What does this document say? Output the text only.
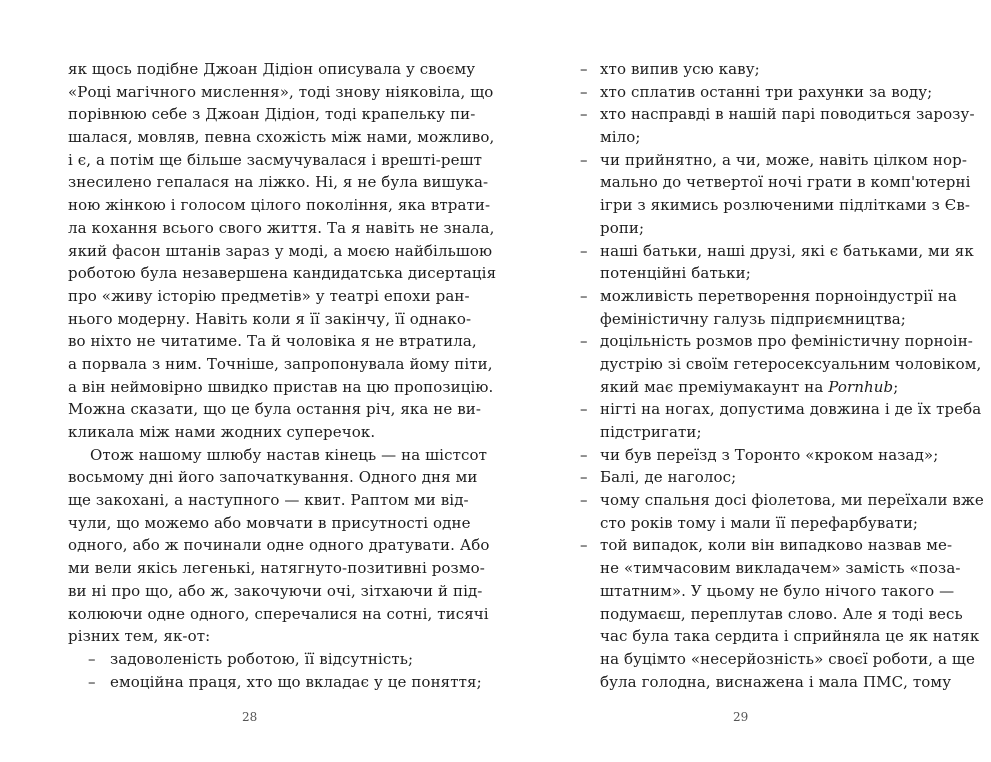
як щось подібне Джоан Дідіон описувала у своєму
«Році магічного мислення», тоді знову ніяковіла, що
порівнюю себе з Джоан Дідіон, тоді крапельку пи-
шалася, мовляв, певна схожість між нами, можливо,
і є, а потім ще більше засмучувалася і врешті-решт
знесилено гепалася на ліжко. Ні, я не була вишука-
ною жінкою і голосом цілого покоління, яка втрати-
ла кохання всього свого життя. Та я навіть не знала,
який фасон штанів зараз у моді, а моєю найбільшою
роботою була незавершена кандидатська дисертація
про «живу історію предметів» у театрі епохи ран-
нього модерну. Навіть коли я її закінчу, її однако-
во ніхто не читатиме. Та й чоловіка я не втратила,
а порвала з ним. Точніше, запропонувала йому піти,
а він неймовірно швидко пристав на цю пропозицію.
Можна сказати, що це була остання річ, яка не ви-
кликала між нами жодних суперечок.
Отож нашому шлюбу настав кінець — на шістсот
восьмому дні його започаткування. Одного дня ми
ще закохані, а наступного — квит. Раптом ми від-
чули, що можемо або мовчати в присутності одне
одного, або ж починали одне одного дратувати. Або
ми вели якісь легенькі, натягнуто-позитивні розмо-
ви ні про що, або ж, закочуючи очі, зітхаючи й під-
колюючи одне одного, сперечалися на сотні, тисячі
різних тем, як-от:
– задоволеність роботою, її відсутність;
– емоційна праця, хто що вкладає у це поняття;
– хто випив усю каву;
– хто сплатив останні три рахунки за воду;
– хто насправді в нашій парі поводиться зарозу-
міло;
– чи прийнятно, а чи, може, навіть цілком нор-
мально до четвертої ночі грати в комп'ютерні
ігри з якимись розлюченими підлітками з Єв-
ропи;
– наші батьки, наші друзі, які є батьками, ми як
потенційні батьки;
– можливість перетворення порноіндустрії на
феміністичну галузь підприємництва;
– доцільність розмов про феміністичну порноін-
дустрію зі своїм гетеросексуальним чоловіком,
який має преміумакаунт на Pornhub;
– нігті на ногах, допустима довжина і де їх треба
підстригати;
– чи був переїзд з Торонто «кроком назад»;
– Балі, де наголос;
– чому спальня досі фіолетова, ми переїхали вже
сто років тому і мали її перефарбувати;
– той випадок, коли він випадково назвав ме-
не «тимчасовим викладачем» замість «поза-
штатним». У цьому не було нічого такого —
подумаєш, переплутав слово. Але я тоді весь
час була така сердита і сприйняла це як натяк
на буцімто «несерйозність» своєї роботи, а ще
була голодна, виснажена і мала ПМС, тому
28	29
